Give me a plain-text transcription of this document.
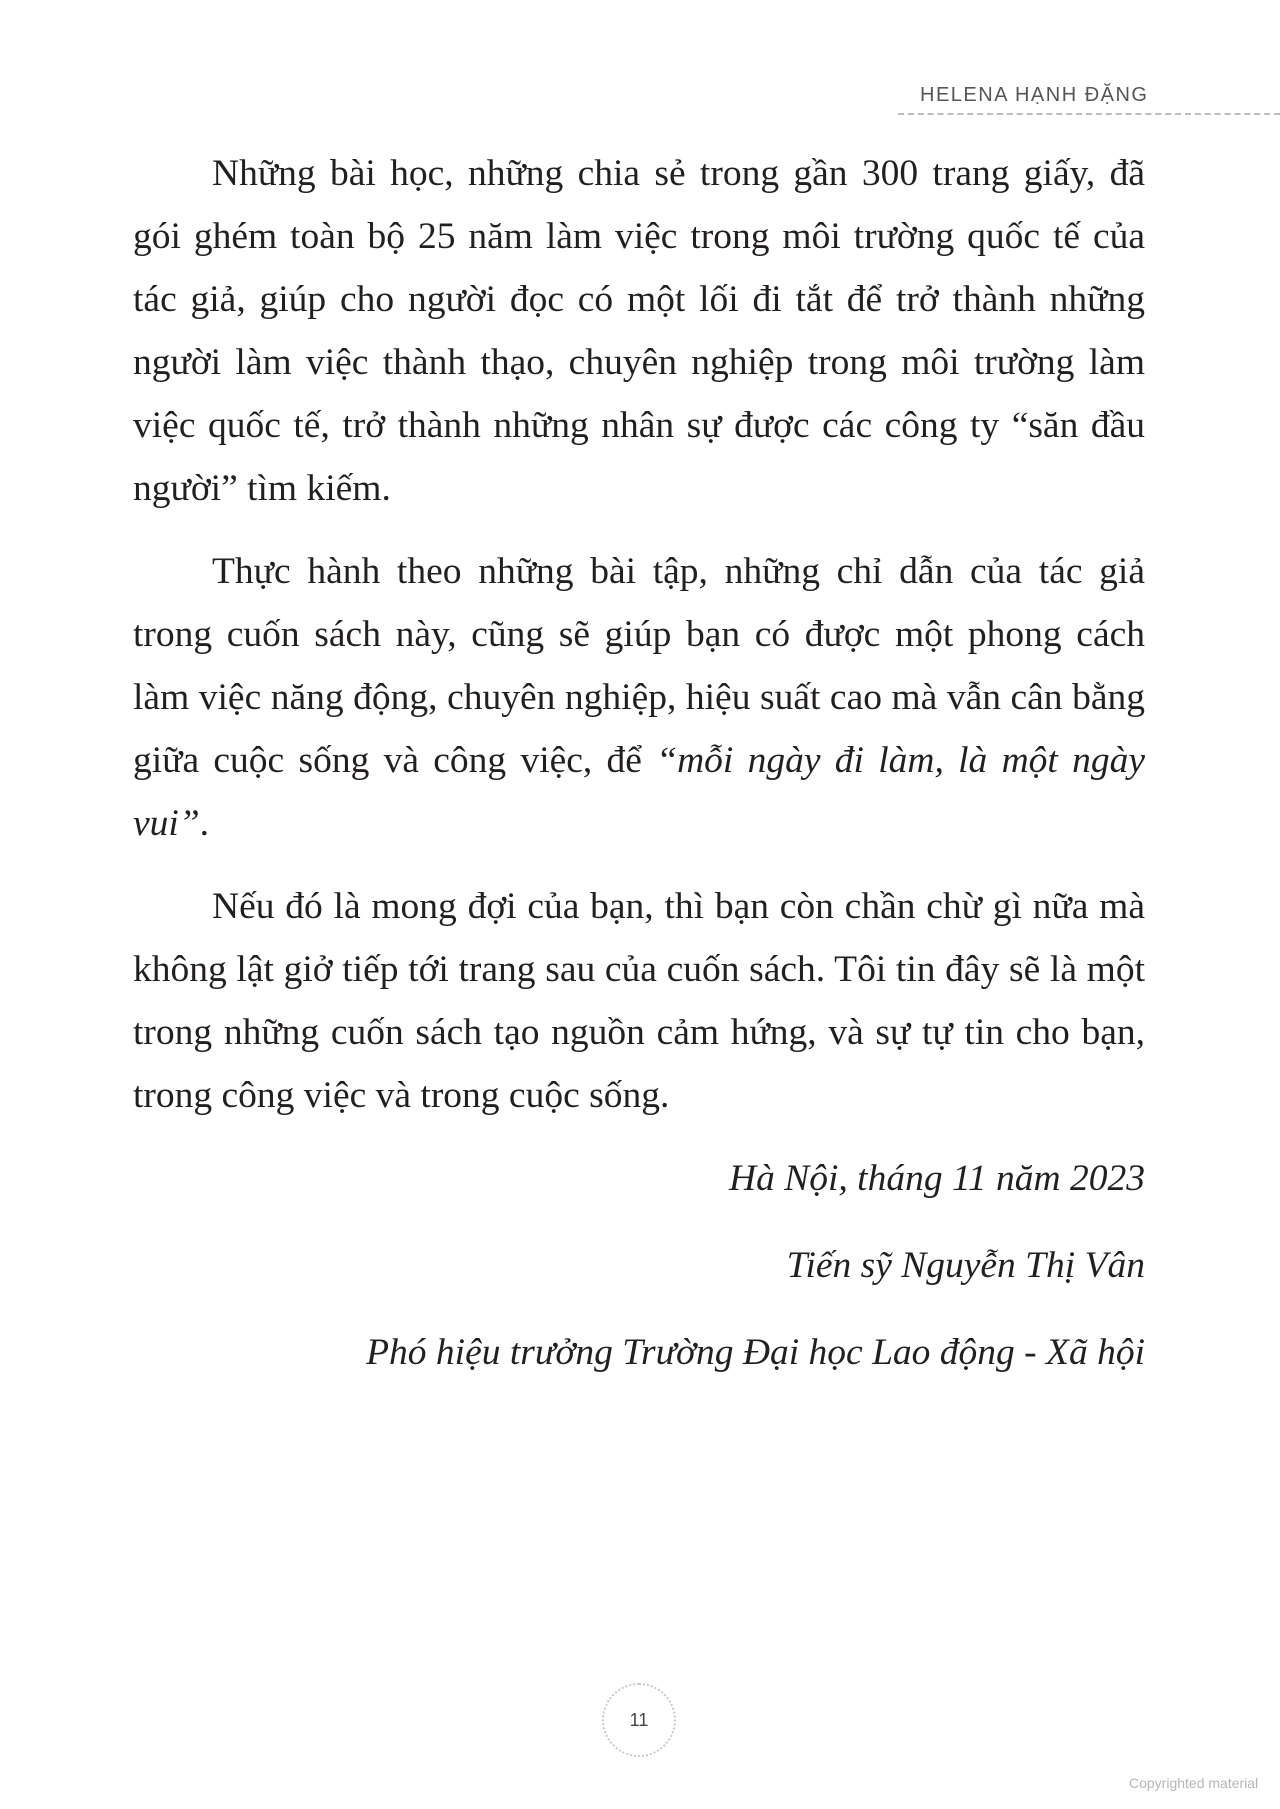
HELENA HẠNH ĐẶNG

Những bài học, những chia sẻ trong gần 300 trang giấy, đã gói ghém toàn bộ 25 năm làm việc trong môi trường quốc tế của tác giả, giúp cho người đọc có một lối đi tắt để trở thành những người làm việc thành thạo, chuyên nghiệp trong môi trường làm việc quốc tế, trở thành những nhân sự được các công ty “săn đầu người” tìm kiếm.

Thực hành theo những bài tập, những chỉ dẫn của tác giả trong cuốn sách này, cũng sẽ giúp bạn có được một phong cách làm việc năng động, chuyên nghiệp, hiệu suất cao mà vẫn cân bằng giữa cuộc sống và công việc, để “mỗi ngày đi làm, là một ngày vui”.

Nếu đó là mong đợi của bạn, thì bạn còn chần chừ gì nữa mà không lật giở tiếp tới trang sau của cuốn sách. Tôi tin đây sẽ là một trong những cuốn sách tạo nguồn cảm hứng, và sự tự tin cho bạn, trong công việc và trong cuộc sống.

Hà Nội, tháng 11 năm 2023

Tiến sỹ Nguyễn Thị Vân

Phó hiệu trưởng Trường Đại học Lao động - Xã hội

11
Copyrighted material
